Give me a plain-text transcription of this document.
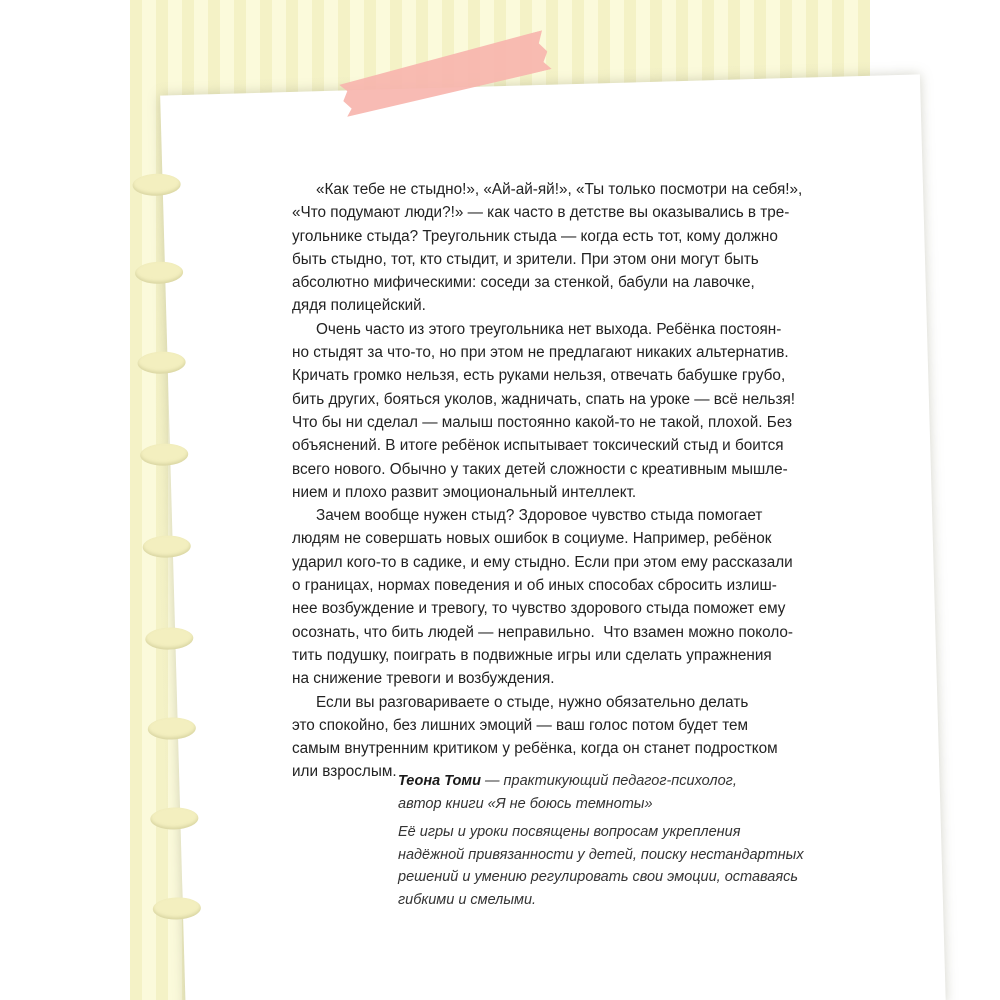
«Как тебе не стыдно!», «Ай-ай-яй!», «Ты только посмотри на себя!»,
«Что подумают люди?!» — как часто в детстве вы оказывались в тре-
угольнике стыда? Треугольник стыда — когда есть тот, кому должно
быть стыдно, тот, кто стыдит, и зрители. При этом они могут быть
абсолютно мифическими: соседи за стенкой, бабули на лавочке,
дядя полицейский.
Очень часто из этого треугольника нет выхода. Ребёнка постоян-
но стыдят за что-то, но при этом не предлагают никаких альтернатив.
Кричать громко нельзя, есть руками нельзя, отвечать бабушке грубо,
бить других, бояться уколов, жадничать, спать на уроке — всё нельзя!
Что бы ни сделал — малыш постоянно какой-то не такой, плохой. Без
объяснений. В итоге ребёнок испытывает токсический стыд и боится
всего нового. Обычно у таких детей сложности с креативным мышле-
нием и плохо развит эмоциональный интеллект.
Зачем вообще нужен стыд? Здоровое чувство стыда помогает
людям не совершать новых ошибок в социуме. Например, ребёнок
ударил кого-то в садике, и ему стыдно. Если при этом ему рассказали
о границах, нормах поведения и об иных способах сбросить излиш-
нее возбуждение и тревогу, то чувство здорового стыда поможет ему
осознать, что бить людей — неправильно.  Что взамен можно поколо-
тить подушку, поиграть в подвижные игры или сделать упражнения
на снижение тревоги и возбуждения.
Если вы разговариваете о стыде, нужно обязательно делать
это спокойно, без лишних эмоций — ваш голос потом будет тем
самым внутренним критиком у ребёнка, когда он станет подростком
или взрослым.
Теона Томи — практикующий педагог-психолог,
автор книги «Я не боюсь темноты»
Её игры и уроки посвящены вопросам укрепления
надёжной привязанности у детей, поиску нестандартных
решений и умению регулировать свои эмоции, оставаясь
гибкими и смелыми.
